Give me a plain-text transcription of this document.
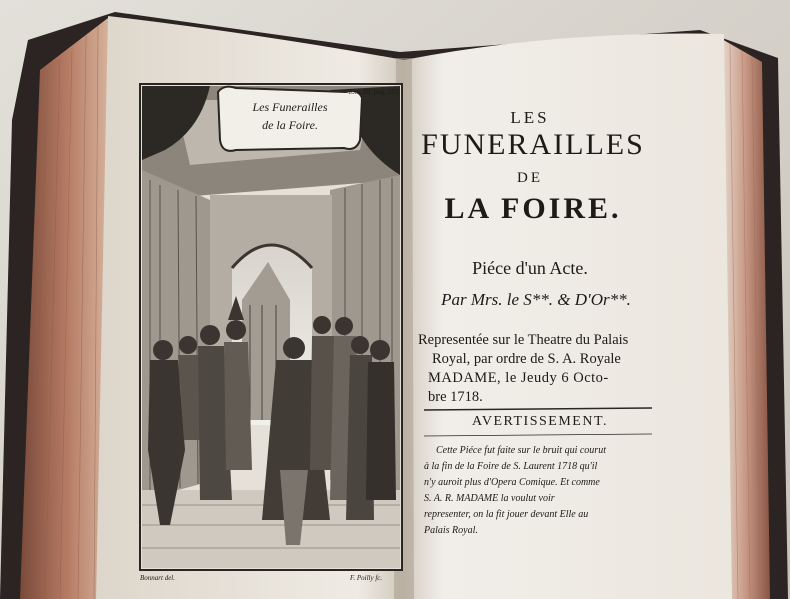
Les Funerailles
de la Foire.
Tom. III. pag. 377.
Bonnart del.	F. Poilly fc.
LES
FUNERAILLES
DE
LA FOIRE.
Piéce d'un Acte.
Par Mrs. le S**. & D'Or**.
Representée sur le Theatre du Palais
Royal, par ordre de S. A. Royale
MADAME, le Jeudy 6 Octo-
bre 1718.
AVERTISSEMENT.
Cette Piéce fut faite sur le bruit qui courut
à la fin de la Foire de S. Laurent 1718 qu'il
n'y auroit plus d'Opera Comique. Et comme
S. A. R. MADAME la voulut voir
representer, on la fit jouer devant Elle au
Palais Royal.
